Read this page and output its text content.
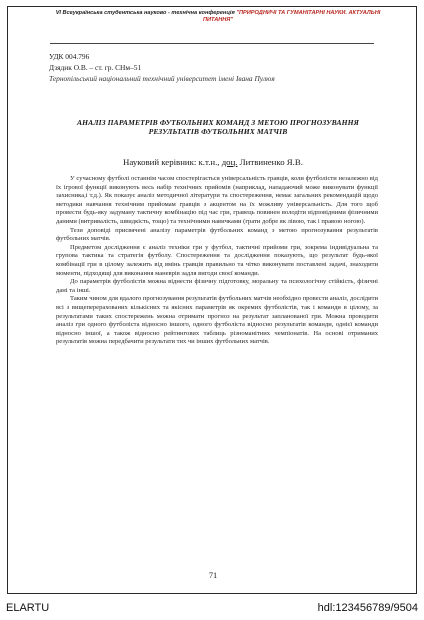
VI Всеукраїнська студентська науково - технічна конференція "ПРИРОДНИЧІ ТА ГУМАНІТАРНІ НАУКИ. АКТУАЛЬНІ ПИТАННЯ"
УДК 004.796
Дзядик О.В. – ст. гр. СНм–51
Тернопільський національний технічний університет імені Івана Пулюя
АНАЛІЗ ПАРАМЕТРІВ ФУТБОЛЬНИХ КОМАНД З МЕТОЮ ПРОГНОЗУВАННЯ РЕЗУЛЬТАТІВ ФУТБОЛЬНИХ МАТЧІВ
Науковий керівник: к.т.н., доц. Литвиненко Я.В.

У сучасному футболі останнім часом спостерігається універсальність гравців, коли футболісти незалежно від їх ігрової функції виконують весь набір технічних прийомів (наприклад, нападаючий може виконувати функції захисника,і т.д.). Як показує аналіз методичної літератури та спостереження, немає загальних рекомендацій щодо методики навчання технічним прийомам гравців з акцентом на їх можливу універсальність. Для того щоб провести будь-яку задуману тактичну комбінацію під час гри, гравець повинен володіти відповідними фізичними даними (витривалість, швидкість, тощо) та технічними навичками (грати добре як лівою, так і правою ногою).

Тези доповіді присвячені аналізу параметрів футбольних команд з метою прогнозування результатів футбольних матчів.

Предметом дослідження є аналіз техніки гри у футбол, тактичні прийоми гри, зокрема індивідуальна та групова тактика та стратегія футболу. Спостереження та дослідження показують, що результат будь-якої комбінації гри в цілому залежить від вмінь гравців правильно та чітко виконувати поставлені задачі, знаходити моменти, підходящі для виконання маневрів задля вигоди своєї команди.

До параметрів футболістів можна віднести фізичну підготовку, моральну та психологічну стійкість, фізичні дані та інші.

Таким чином для вдалого прогнозування результатів футбольних матчів необхідно провести аналіз, дослідити всі з вищеперерахованих кількісних та якісних параметрів як окремих футболістів, так і команди в цілому, за результатами таких спостережень можна отримати прогноз на результат запланованої гри. Можна проводити аналіз гри одного футболіста відносно іншого, одного футболіста відносно результатів команди, однієї команди відносно іншої, а також відносно рейтингових таблиць різноманітних чемпіонатів. На основі отриманих результатів можна передбачити результати тих чи інших футбольних матчів.

71
ELARTU	hdl:123456789/9504
